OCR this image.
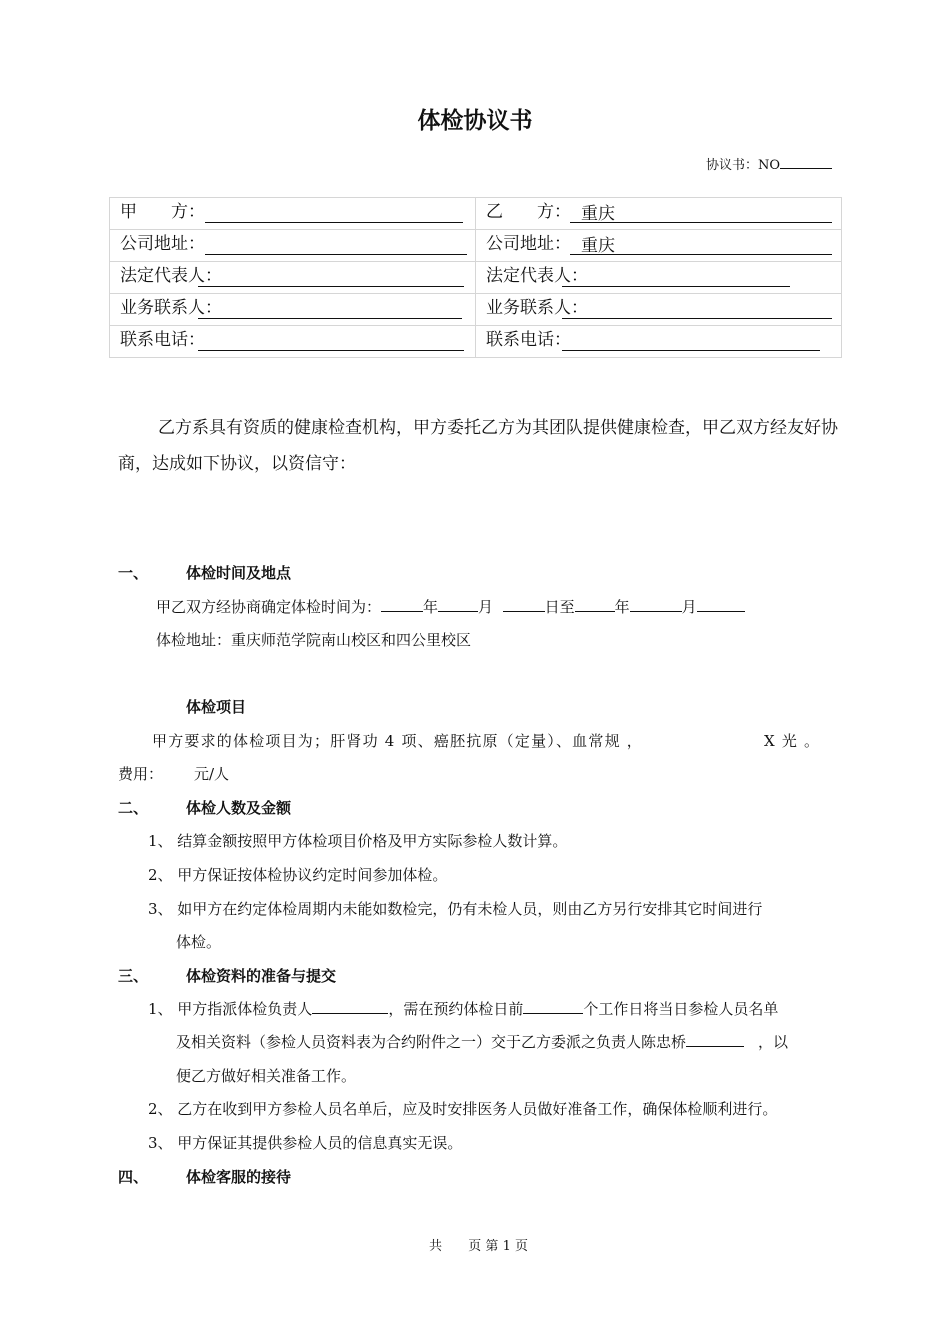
体检协议书
协议书：NO
甲　　方：	乙　　方： 重庆
公司地址：	公司地址： 重庆
法定代表人：	法定代表人：
业务联系人：	业务联系人：
联系电话：	联系电话：
乙方系具有资质的健康检查机构，甲方委托乙方为其团队提供健康检查，甲乙双方经友好协商，达成如下协议，以资信守：
一、	体检时间及地点
甲乙双方经协商确定体检时间为：	年	月	日至	年	月
体检地址：重庆师范学院南山校区和四公里校区
体检项目
甲方要求的体检项目为；肝肾功 4 项、癌胚抗原（定量）、血常规 ，	X 光 。
费用： 元/人
二、	体检人数及金额
1、 结算金额按照甲方体检项目价格及甲方实际参检人数计算。
2、 甲方保证按体检协议约定时间参加体检。
3、 如甲方在约定体检周期内未能如数检完，仍有未检人员，则由乙方另行安排其它时间进行
体检。
三、	体检资料的准备与提交
1、 甲方指派体检负责人	，需在预约体检日前	个工作日将当日参检人员名单
及相关资料（参检人员资料表为合约附件之一）交于乙方委派之负责人陈忠桥	，以
便乙方做好相关准备工作。
2、 乙方在收到甲方参检人员名单后，应及时安排医务人员做好准备工作，确保体检顺利进行。
3、 甲方保证其提供参检人员的信息真实无误。
四、	体检客服的接待
共 页 第 1 页
